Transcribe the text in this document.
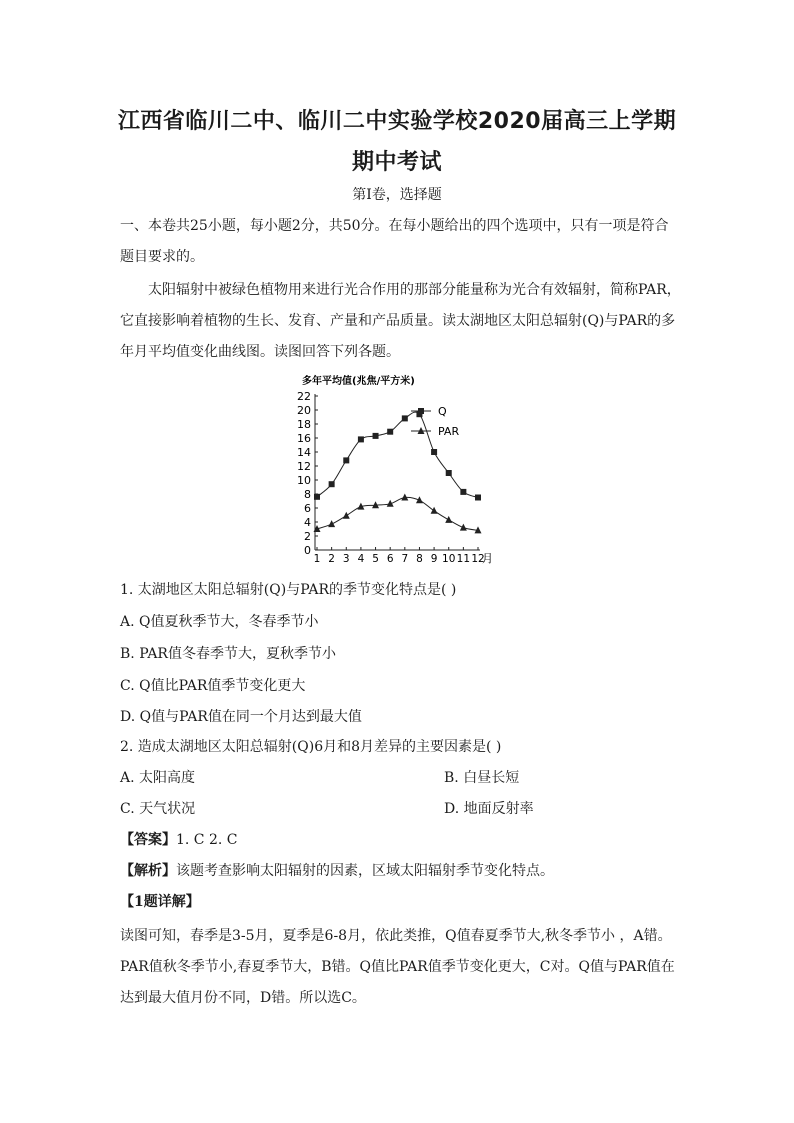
江西省临川二中、临川二中实验学校2020届高三上学期
期中考试
第I卷，选择题
一、本卷共25小题，每小题2分，共50分。在每小题给出的四个选项中，只有一项是符合
题目要求的。
太阳辐射中被绿色植物用来进行光合作用的那部分能量称为光合有效辐射，简称PAR，
它直接影响着植物的生长、发育、产量和产品质量。读太湖地区太阳总辐射(Q)与PAR的多
年月平均值变化曲线图。读图回答下列各题。
多年平均值(兆焦/平方米)
0
2
4
6
8
10
12
14
16
18
20
22
1 2 3 4 5 6 7 8 9 10 11 12
月
Q
PAR
1. 太湖地区太阳总辐射(Q)与PAR的季节变化特点是( )
A. Q值夏秋季节大，冬春季节小
B. PAR值冬春季节大，夏秋季节小
C. Q值比PAR值季节变化更大
D. Q值与PAR值在同一个月达到最大值
2. 造成太湖地区太阳总辐射(Q)6月和8月差异的主要因素是( )
A. 太阳高度	B. 白昼长短
C. 天气状况	D. 地面反射率
【答案】1. C 2. C
【解析】该题考查影响太阳辐射的因素，区域太阳辐射季节变化特点。
【1题详解】
读图可知，春季是3-5月，夏季是6-8月，依此类推，Q值春夏季节大,秋冬季节小 ，A错。
PAR值秋冬季节小,春夏季节大，B错。Q值比PAR值季节变化更大，C对。Q值与PAR值在
达到最大值月份不同，D错。所以选C。
